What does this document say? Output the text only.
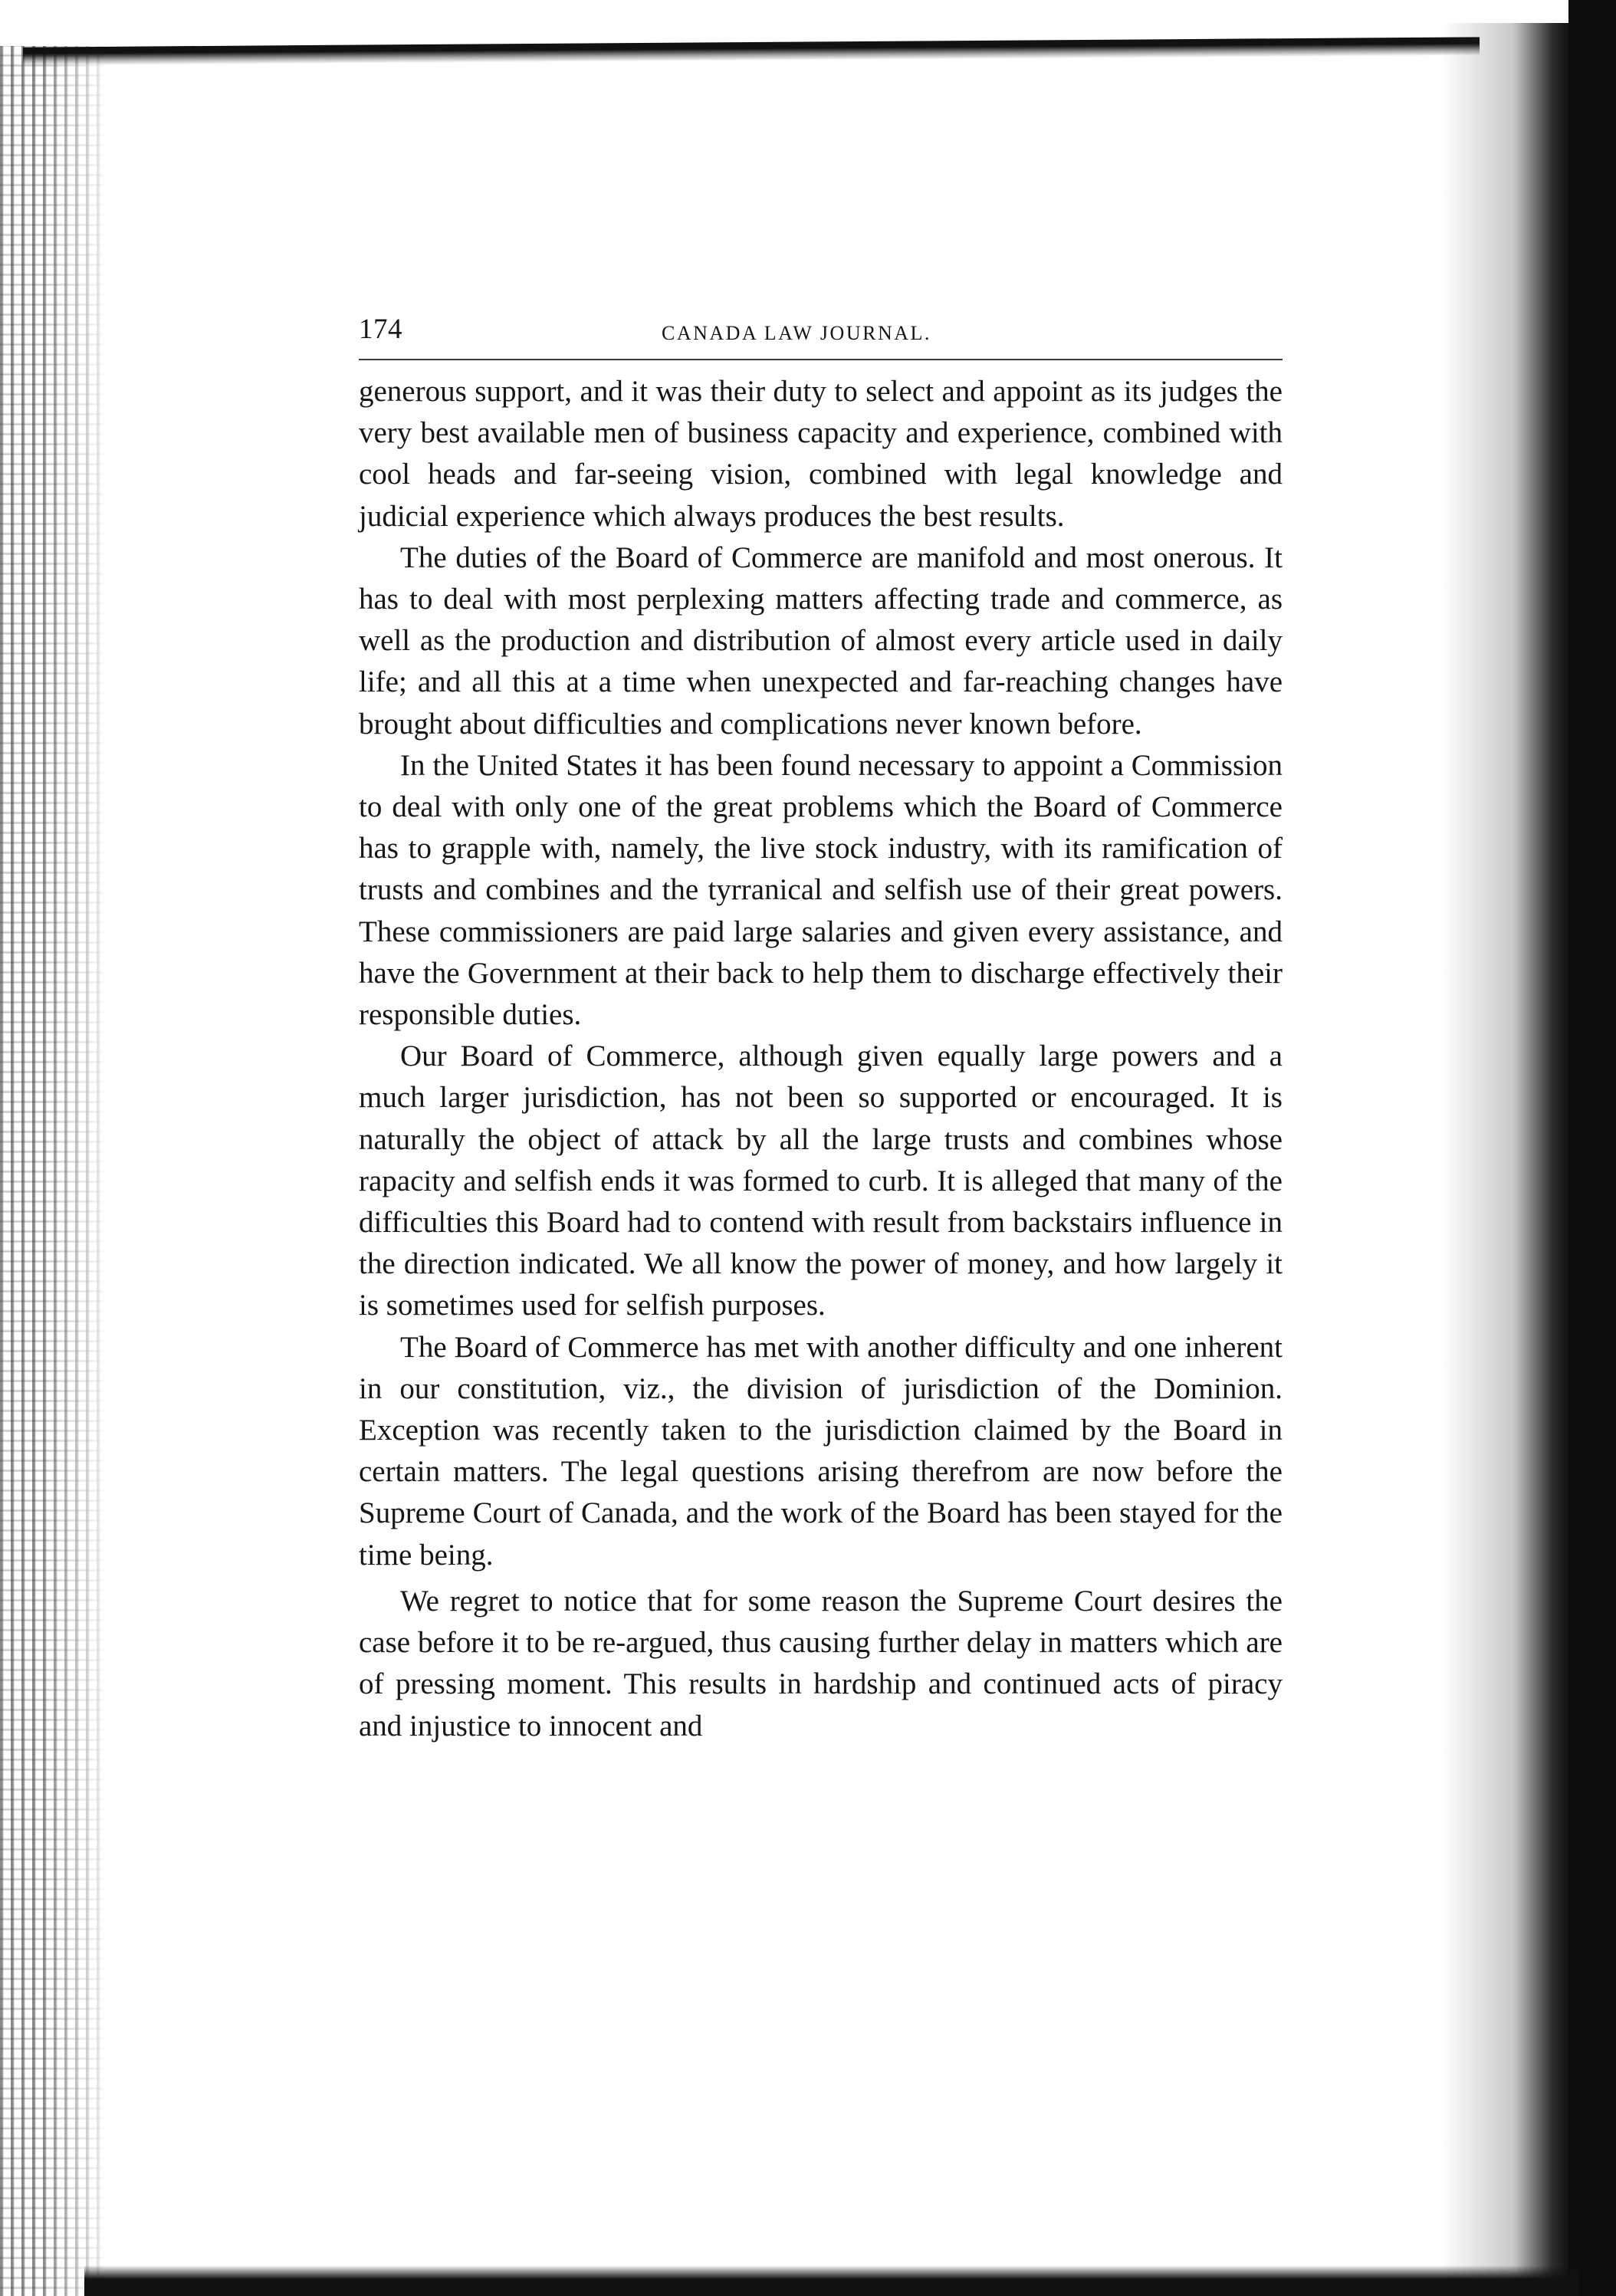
174	CANADA LAW JOURNAL.

generous support, and it was their duty to select and appoint as its judges the very best available men of business capacity and experience, combined with cool heads and far-seeing vision, combined with legal knowledge and judicial experience which always produces the best results.

The duties of the Board of Commerce are manifold and most onerous. It has to deal with most perplexing matters affecting trade and commerce, as well as the production and distribution of almost every article used in daily life; and all this at a time when unexpected and far-reaching changes have brought about difficulties and complications never known before.

In the United States it has been found necessary to appoint a Commission to deal with only one of the great problems which the Board of Commerce has to grapple with, namely, the live stock industry, with its ramification of trusts and combines and the tyrranical and selfish use of their great powers. These commissioners are paid large salaries and given every assistance, and have the Government at their back to help them to discharge effectively their responsible duties.

Our Board of Commerce, although given equally large powers and a much larger jurisdiction, has not been so supported or encouraged. It is naturally the object of attack by all the large trusts and combines whose rapacity and selfish ends it was formed to curb. It is alleged that many of the difficulties this Board had to contend with result from backstairs influence in the direction indicated. We all know the power of money, and how largely it is sometimes used for selfish purposes.

The Board of Commerce has met with another difficulty and one inherent in our constitution, viz., the division of jurisdiction of the Dominion. Exception was recently taken to the jurisdiction claimed by the Board in certain matters. The legal questions arising therefrom are now before the Supreme Court of Canada, and the work of the Board has been stayed for the time being.

We regret to notice that for some reason the Supreme Court desires the case before it to be re-argued, thus causing further delay in matters which are of pressing moment. This results in hardship and continued acts of piracy and injustice to innocent and
